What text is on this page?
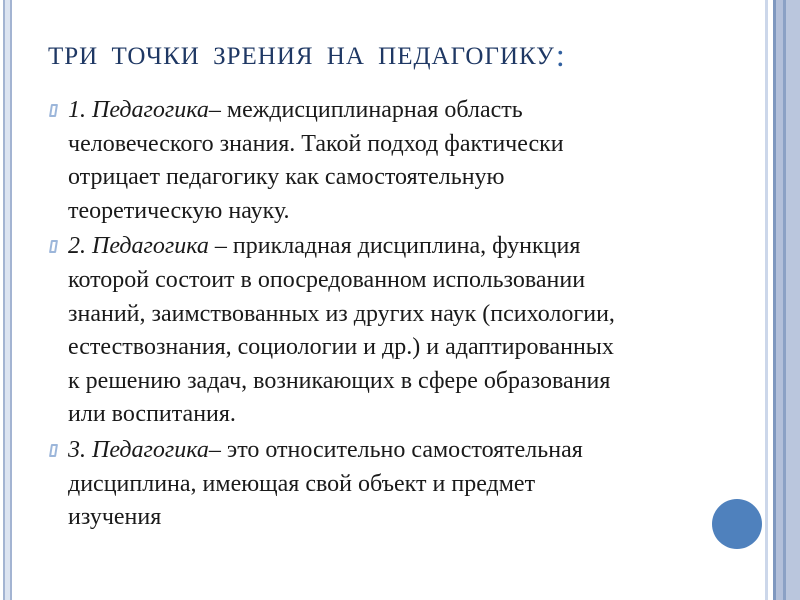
ТРИ ТОЧКИ ЗРЕНИЯ НА ПЕДАГОГИКУ:
1. Педагогика– междисциплинарная область
человеческого знания. Такой подход фактически
отрицает педагогику как самостоятельную
теоретическую науку.
2. Педагогика – прикладная дисциплина, функция
которой состоит в опосредованном использовании
знаний, заимствованных из других наук (психологии,
естествознания, социологии и др.) и адаптированных
к решению задач, возникающих в сфере образования
или воспитания.
3. Педагогика– это относительно самостоятельная
дисциплина, имеющая свой объект и предмет
изучения
